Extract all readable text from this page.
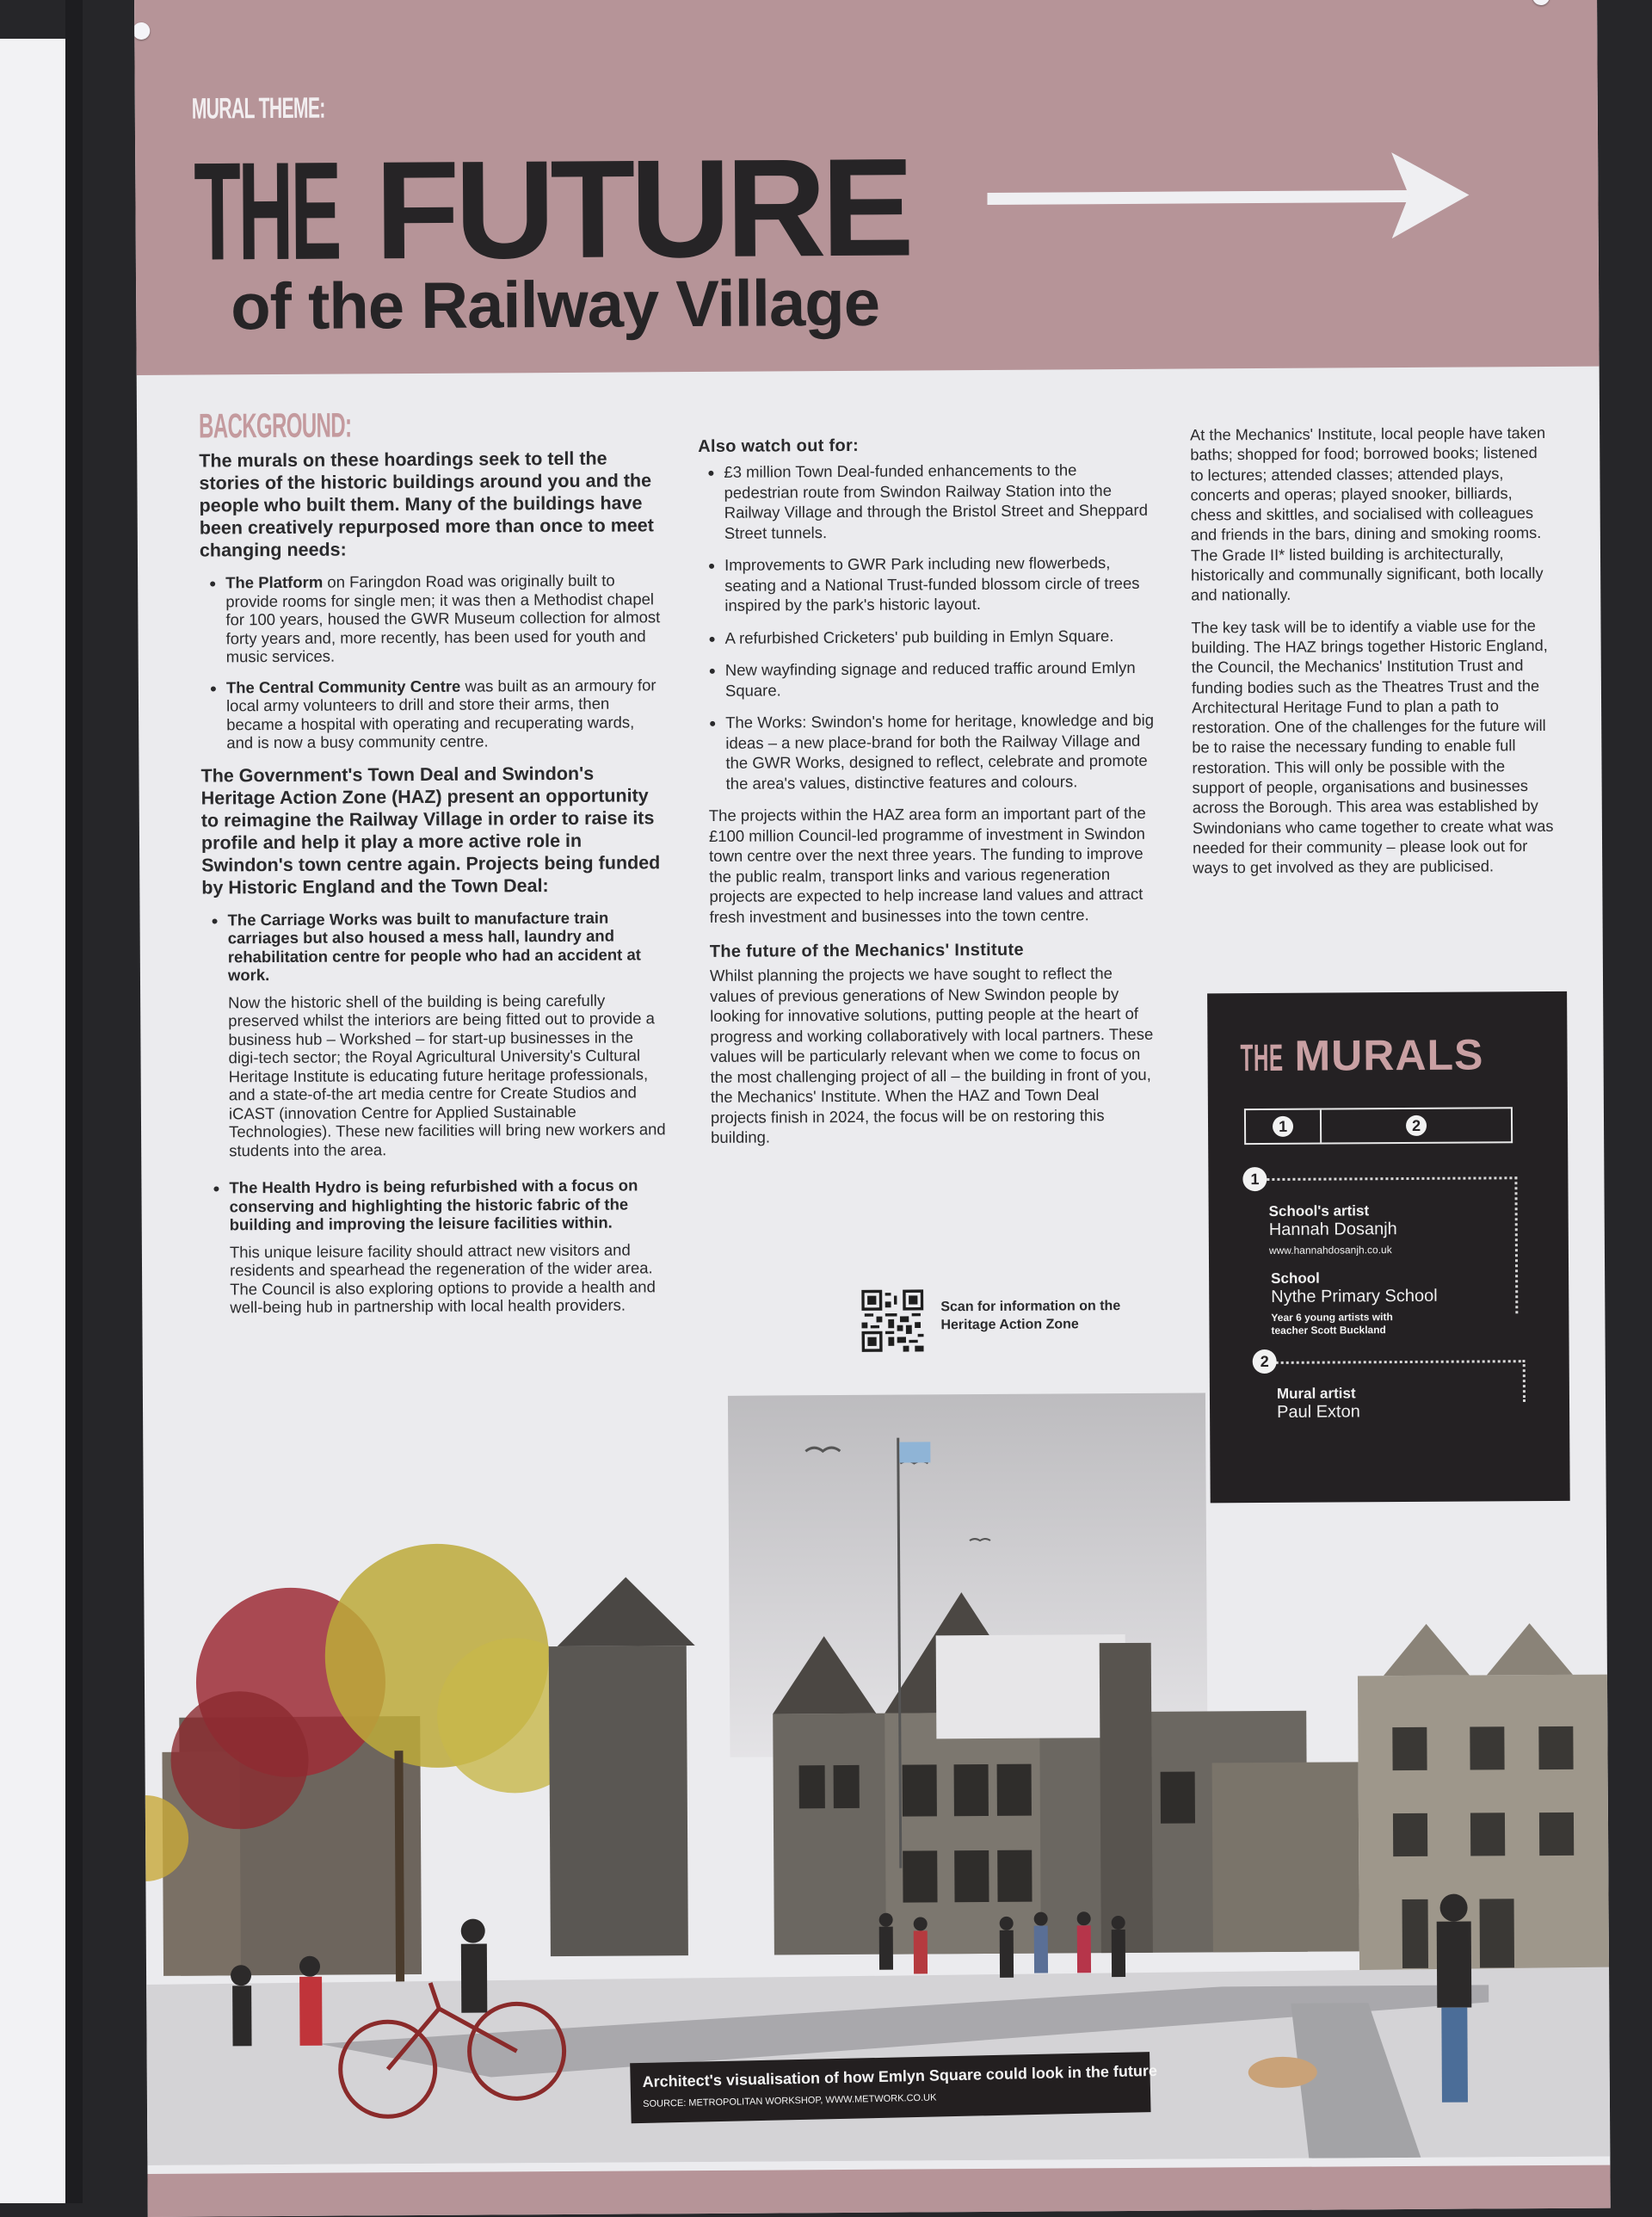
MURAL THEME:
THE FUTURE
of the Railway Village
BACKGROUND:

The murals on these hoardings seek to tell the stories of the historic buildings around you and the people who built them. Many of the buildings have been creatively repurposed more than once to meet changing needs:

• The Platform on Faringdon Road was originally built to provide rooms for single men; it was then a Methodist chapel for 100 years, housed the GWR Museum collection for almost forty years and, more recently, has been used for youth and music services.
• The Central Community Centre was built as an armoury for local army volunteers to drill and store their arms, then became a hospital with operating and recuperating wards, and is now a busy community centre.

The Government's Town Deal and Swindon's Heritage Action Zone (HAZ) present an opportunity to reimagine the Railway Village in order to raise its profile and help it play a more active role in Swindon's town centre again. Projects being funded by Historic England and the Town Deal:

• The Carriage Works was built to manufacture train carriages but also housed a mess hall, laundry and rehabilitation centre for people who had an accident at work.

Now the historic shell of the building is being carefully preserved whilst the interiors are being fitted out to provide a business hub – Workshed – for start-up businesses in the digi-tech sector; the Royal Agricultural University's Cultural Heritage Institute is educating future heritage professionals, and a state-of-the art media centre for Create Studios and iCAST (innovation Centre for Applied Sustainable Technologies). These new facilities will bring new workers and students into the area.

• The Health Hydro is being refurbished with a focus on conserving and highlighting the historic fabric of the building and improving the leisure facilities within.

This unique leisure facility should attract new visitors and residents and spearhead the regeneration of the wider area. The Council is also exploring options to provide a health and well-being hub in partnership with local health providers.

Also watch out for:
• £3 million Town Deal-funded enhancements to the pedestrian route from Swindon Railway Station into the Railway Village and through the Bristol Street and Sheppard Street tunnels.
• Improvements to GWR Park including new flowerbeds, seating and a National Trust-funded blossom circle of trees inspired by the park's historic layout.
• A refurbished Cricketers' pub building in Emlyn Square.
• New wayfinding signage and reduced traffic around Emlyn Square.
• The Works: Swindon's home for heritage, knowledge and big ideas – a new place-brand for both the Railway Village and the GWR Works, designed to reflect, celebrate and promote the area's values, distinctive features and colours.

The projects within the HAZ area form an important part of the £100 million Council-led programme of investment in Swindon town centre over the next three years. The funding to improve the public realm, transport links and various regeneration projects are expected to help increase land values and attract fresh investment and businesses into the town centre.

The future of the Mechanics' Institute

Whilst planning the projects we have sought to reflect the values of previous generations of New Swindon people by looking for innovative solutions, putting people at the heart of progress and working collaboratively with local partners. These values will be particularly relevant when we come to focus on the most challenging project of all – the building in front of you, the Mechanics' Institute. When the HAZ and Town Deal projects finish in 2024, the focus will be on restoring this building.

Scan for information on the Heritage Action Zone

At the Mechanics' Institute, local people have taken baths; shopped for food; borrowed books; listened to lectures; attended classes; attended plays, concerts and operas; played snooker, billiards, chess and skittles, and socialised with colleagues and friends in the bars, dining and smoking rooms. The Grade II* listed building is architecturally, historically and communally significant, both locally and nationally.

The key task will be to identify a viable use for the building. The HAZ brings together Historic England, the Council, the Mechanics' Institution Trust and funding bodies such as the Theatres Trust and the Architectural Heritage Fund to plan a path to restoration. One of the challenges for the future will be to raise the necessary funding to enable full restoration. This will only be possible with the support of people, organisations and businesses across the Borough. This area was established by Swindonians who came together to create what was needed for their community – please look out for ways to get involved as they are publicised.

THE MURALS
1	2
1
School's artist
Hannah Dosanjh
www.hannahdosanjh.co.uk
School
Nythe Primary School
Year 6 young artists with teacher Scott Buckland
2
Mural artist
Paul Exton
Architect's visualisation of how Emlyn Square could look in the future
SOURCE: METROPOLITAN WORKSHOP, WWW.METWORK.CO.UK
